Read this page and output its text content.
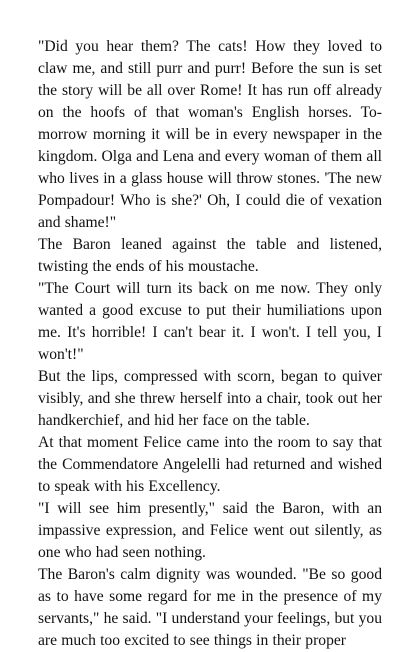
"Did you hear them? The cats! How they loved to claw me, and still purr and purr! Before the sun is set the story will be all over Rome! It has run off already on the hoofs of that woman's English horses. To-morrow morning it will be in every newspaper in the kingdom. Olga and Lena and every woman of them all who lives in a glass house will throw stones. 'The new Pompadour! Who is she?' Oh, I could die of vexation and shame!"

The Baron leaned against the table and listened, twisting the ends of his moustache.

"The Court will turn its back on me now. They only wanted a good excuse to put their humiliations upon me. It's horrible! I can't bear it. I won't. I tell you, I won't!"

But the lips, compressed with scorn, began to quiver visibly, and she threw herself into a chair, took out her handkerchief, and hid her face on the table.

At that moment Felice came into the room to say that the Commendatore Angelelli had returned and wished to speak with his Excellency.

"I will see him presently," said the Baron, with an impassive expression, and Felice went out silently, as one who had seen nothing.

The Baron's calm dignity was wounded. "Be so good as to have some regard for me in the presence of my servants," he said. "I understand your feelings, but you are much too excited to see things in their proper
